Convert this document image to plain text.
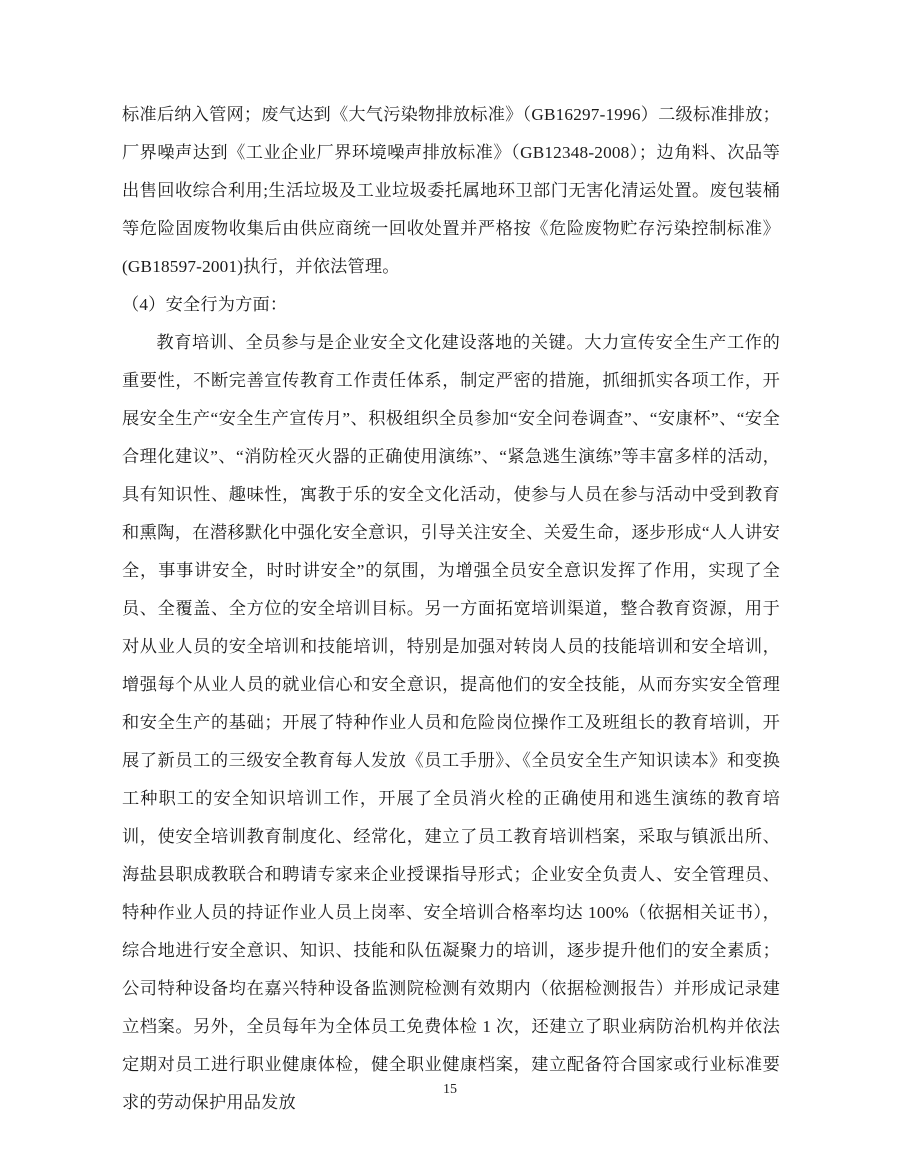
标准后纳入管网；废气达到《大气污染物排放标准》（GB16297-1996）二级标准排放；厂界噪声达到《工业企业厂界环境噪声排放标准》（GB12348-2008）；边角料、次品等出售回收综合利用;生活垃圾及工业垃圾委托属地环卫部门无害化清运处置。废包装桶等危险固废物收集后由供应商统一回收处置并严格按《危险废物贮存污染控制标准》(GB18597-2001)执行，并依法管理。

（4）安全行为方面：

教育培训、全员参与是企业安全文化建设落地的关键。大力宣传安全生产工作的重要性，不断完善宣传教育工作责任体系，制定严密的措施，抓细抓实各项工作，开展安全生产“安全生产宣传月”、积极组织全员参加“安全问卷调查”、“安康杯”、“安全合理化建议”、“消防栓灭火器的正确使用演练”、“紧急逃生演练”等丰富多样的活动，具有知识性、趣味性，寓教于乐的安全文化活动，使参与人员在参与活动中受到教育和熏陶，在潜移默化中强化安全意识，引导关注安全、关爱生命，逐步形成“人人讲安全，事事讲安全，时时讲安全”的氛围，为增强全员安全意识发挥了作用，实现了全员、全覆盖、全方位的安全培训目标。另一方面拓宽培训渠道，整合教育资源，用于对从业人员的安全培训和技能培训，特别是加强对转岗人员的技能培训和安全培训，增强每个从业人员的就业信心和安全意识，提高他们的安全技能，从而夯实安全管理和安全生产的基础；开展了特种作业人员和危险岗位操作工及班组长的教育培训，开展了新员工的三级安全教育每人发放《员工手册》、《全员安全生产知识读本》和变换工种职工的安全知识培训工作，开展了全员消火栓的正确使用和逃生演练的教育培训，使安全培训教育制度化、经常化，建立了员工教育培训档案，采取与镇派出所、海盐县职成教联合和聘请专家来企业授课指导形式；企业安全负责人、安全管理员、特种作业人员的持证作业人员上岗率、安全培训合格率均达 100%（依据相关证书），综合地进行安全意识、知识、技能和队伍凝聚力的培训，逐步提升他们的安全素质；公司特种设备均在嘉兴特种设备监测院检测有效期内（依据检测报告）并形成记录建立档案。另外，全员每年为全体员工免费体检 1 次，还建立了职业病防治机构并依法定期对员工进行职业健康体检，健全职业健康档案，建立配备符合国家或行业标准要求的劳动保护用品发放

15
